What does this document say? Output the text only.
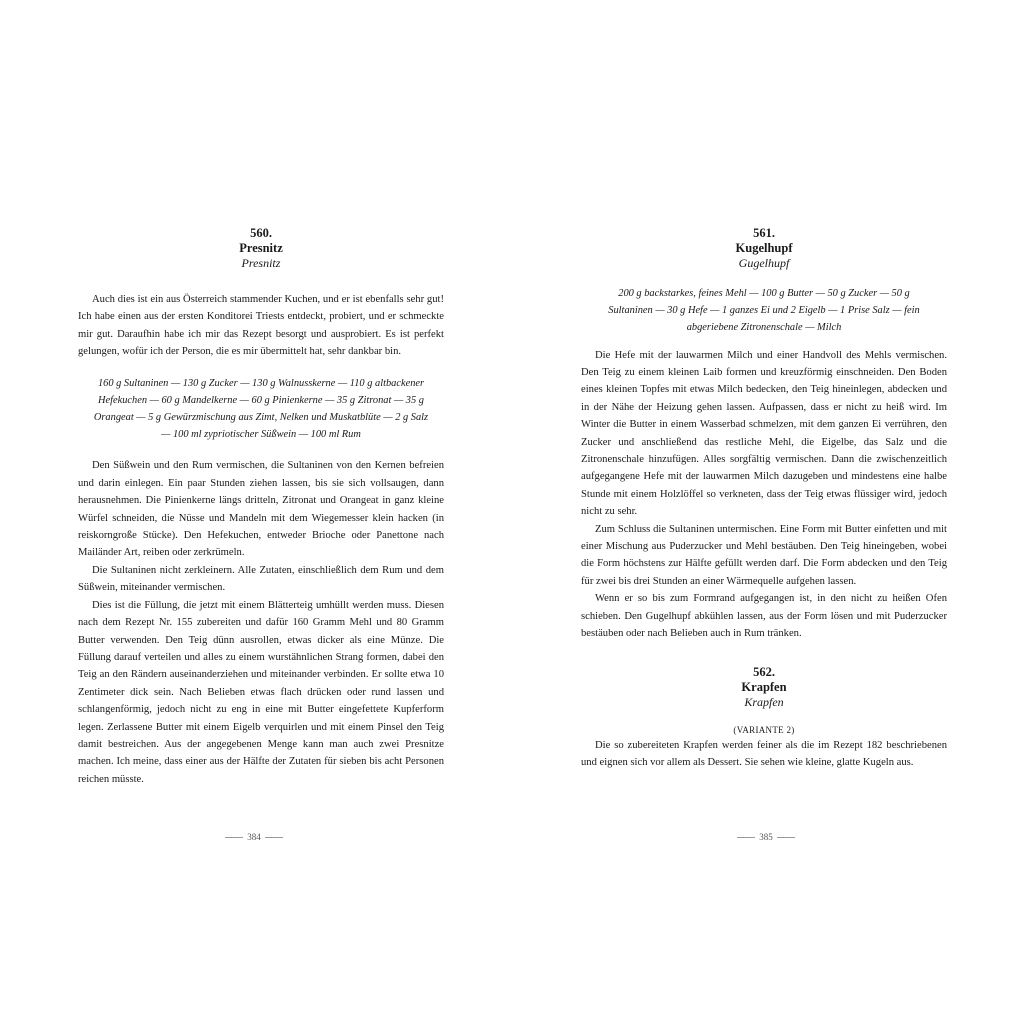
560.
Presnitz
Presnitz

Auch dies ist ein aus Österreich stammender Kuchen, und er ist ebenfalls sehr gut! Ich habe einen aus der ersten Konditorei Triests entdeckt, probiert, und er schmeckte mir gut. Daraufhin habe ich mir das Rezept besorgt und ausprobiert. Es ist perfekt gelungen, wofür ich der Person, die es mir übermittelt hat, sehr dankbar bin.

160 g Sultaninen — 130 g Zucker — 130 g Walnusskerne — 110 g altbackener Hefekuchen — 60 g Mandelkerne — 60 g Pinienkerne — 35 g Zitronat — 35 g Orangeat — 5 g Gewürzmischung aus Zimt, Nelken und Muskatblüte — 2 g Salz — 100 ml zypriotischer Süßwein — 100 ml Rum

Den Süßwein und den Rum vermischen, die Sultaninen von den Kernen befreien und darin einlegen. Ein paar Stunden ziehen lassen, bis sie sich vollsaugen, dann herausnehmen. Die Pinienkerne längs dritteln, Zitronat und Orangeat in ganz kleine Würfel schneiden, die Nüsse und Mandeln mit dem Wiegemesser klein hacken (in reiskorngroße Stücke). Den Hefekuchen, entweder Brioche oder Panettone nach Mailänder Art, reiben oder zerkrümeln.

Die Sultaninen nicht zerkleinern. Alle Zutaten, einschließlich dem Rum und dem Süßwein, miteinander vermischen.

Dies ist die Füllung, die jetzt mit einem Blätterteig umhüllt werden muss. Diesen nach dem Rezept Nr. 155 zubereiten und dafür 160 Gramm Mehl und 80 Gramm Butter verwenden. Den Teig dünn ausrollen, etwas dicker als eine Münze. Die Füllung darauf verteilen und alles zu einem wurstähnlichen Strang formen, dabei den Teig an den Rändern auseinanderziehen und miteinander verbinden. Er sollte etwa 10 Zentimeter dick sein. Nach Belieben etwas flach drücken oder rund lassen und schlangenförmig, jedoch nicht zu eng in eine mit Butter eingefettete Kupferform legen. Zerlassene Butter mit einem Eigelb verquirlen und mit einem Pinsel den Teig damit bestreichen. Aus der angegebenen Menge kann man auch zwei Presnitze machen. Ich meine, dass einer aus der Hälfte der Zutaten für sieben bis acht Personen reichen müsste.

561.
Kugelhupf
Gugelhupf

200 g backstarkes, feines Mehl — 100 g Butter — 50 g Zucker — 50 g Sultaninen — 30 g Hefe — 1 ganzes Ei und 2 Eigelb — 1 Prise Salz — fein abgeriebene Zitronenschale — Milch

Die Hefe mit der lauwarmen Milch und einer Handvoll des Mehls vermischen. Den Teig zu einem kleinen Laib formen und kreuzförmig einschneiden. Den Boden eines kleinen Topfes mit etwas Milch bedecken, den Teig hineinlegen, abdecken und in der Nähe der Heizung gehen lassen. Aufpassen, dass er nicht zu heiß wird. Im Winter die Butter in einem Wasserbad schmelzen, mit dem ganzen Ei verrühren, den Zucker und anschließend das restliche Mehl, die Eigelbe, das Salz und die Zitronenschale hinzufügen. Alles sorgfältig vermischen. Dann die zwischenzeitlich aufgegangene Hefe mit der lauwarmen Milch dazugeben und mindestens eine halbe Stunde mit einem Holzlöffel so verkneten, dass der Teig etwas flüssiger wird, jedoch nicht zu sehr.

Zum Schluss die Sultaninen untermischen. Eine Form mit Butter einfetten und mit einer Mischung aus Puderzucker und Mehl bestäuben. Den Teig hineingeben, wobei die Form höchstens zur Hälfte gefüllt werden darf. Die Form abdecken und den Teig für zwei bis drei Stunden an einer Wärmequelle aufgehen lassen.

Wenn er so bis zum Formrand aufgegangen ist, in den nicht zu heißen Ofen schieben. Den Gugelhupf abkühlen lassen, aus der Form lösen und mit Puderzucker bestäuben oder nach Belieben auch in Rum tränken.

562.
Krapfen
Krapfen
(VARIANTE 2)

Die so zubereiteten Krapfen werden feiner als die im Rezept 182 beschriebenen und eignen sich vor allem als Dessert. Sie sehen wie kleine, glatte Kugeln aus.

384	385
